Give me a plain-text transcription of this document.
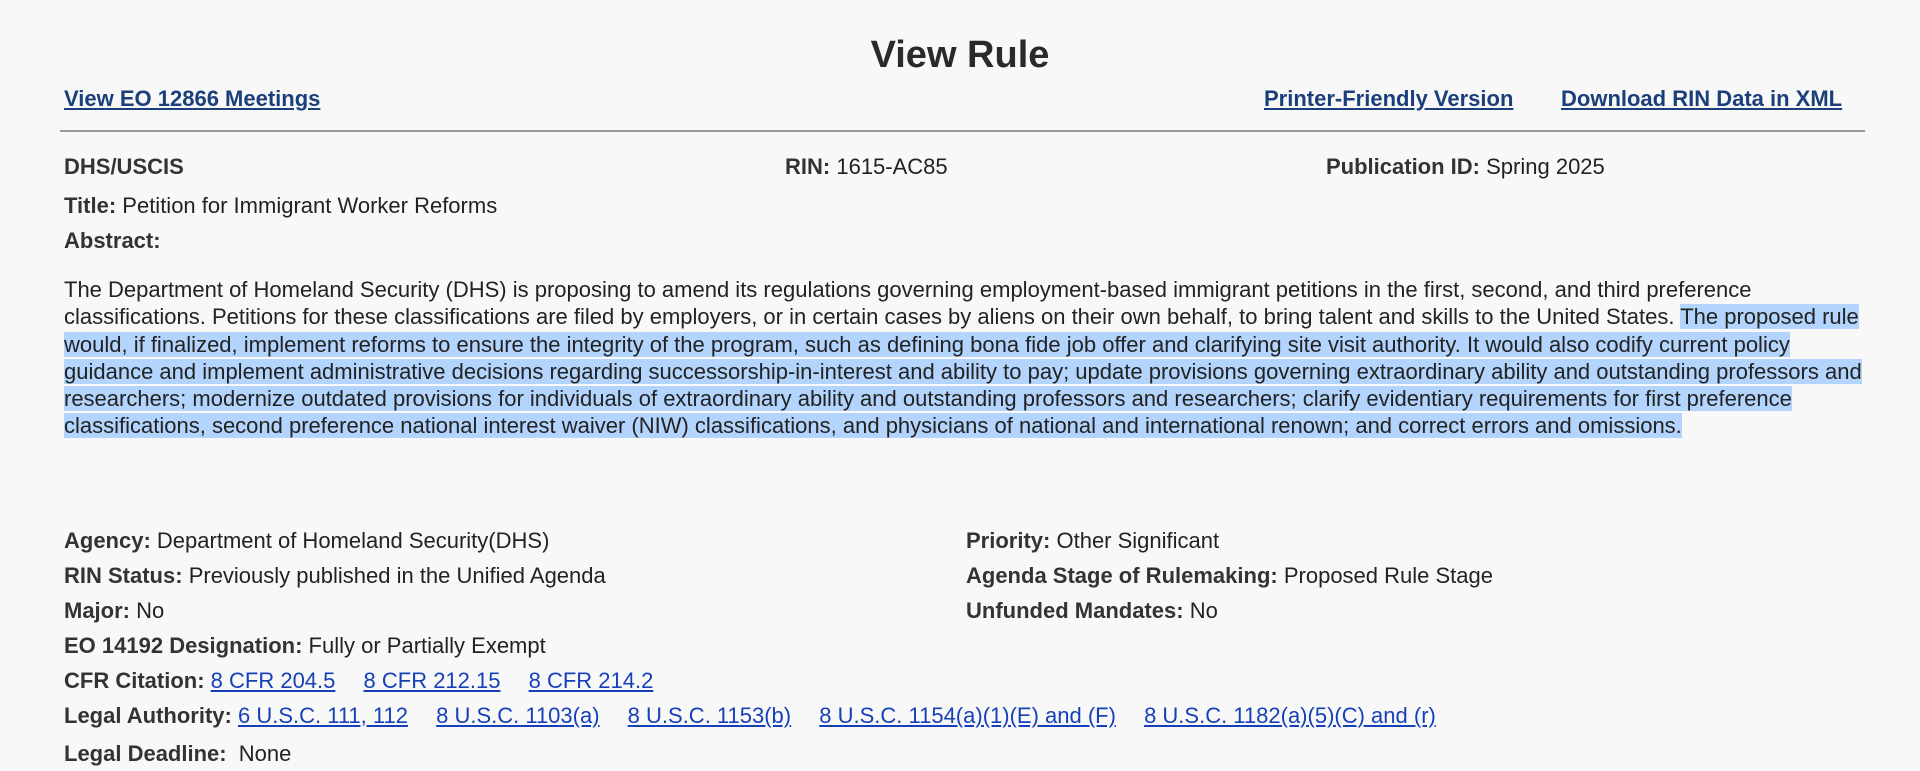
View Rule
View EO 12866 Meetings	Printer-Friendly Version Download RIN Data in XML
DHS/USCIS	RIN: 1615-AC85	Publication ID: Spring 2025
Title: Petition for Immigrant Worker Reforms
Abstract:

The Department of Homeland Security (DHS) is proposing to amend its regulations governing employment-based immigrant petitions in the first, second, and third preference classifications. Petitions for these classifications are filed by employers, or in certain cases by aliens on their own behalf, to bring talent and skills to the United States. The proposed rule would, if finalized, implement reforms to ensure the integrity of the program, such as defining bona fide job offer and clarifying site visit authority. It would also codify current policy guidance and implement administrative decisions regarding successorship-in-interest and ability to pay; update provisions governing extraordinary ability and outstanding professors and researchers; modernize outdated provisions for individuals of extraordinary ability and outstanding professors and researchers; clarify evidentiary requirements for first preference classifications, second preference national interest waiver (NIW) classifications, and physicians of national and international renown; and correct errors and omissions.

Agency: Department of Homeland Security(DHS)	Priority: Other Significant
RIN Status: Previously published in the Unified Agenda	Agenda Stage of Rulemaking: Proposed Rule Stage
Major: No	Unfunded Mandates: No
EO 14192 Designation: Fully or Partially Exempt
CFR Citation: 8 CFR 204.5 8 CFR 212.15 8 CFR 214.2
Legal Authority: 6 U.S.C. 111, 112 8 U.S.C. 1103(a) 8 U.S.C. 1153(b) 8 U.S.C. 1154(a)(1)(E) and (F) 8 U.S.C. 1182(a)(5)(C) and (r)
Legal Deadline: None
